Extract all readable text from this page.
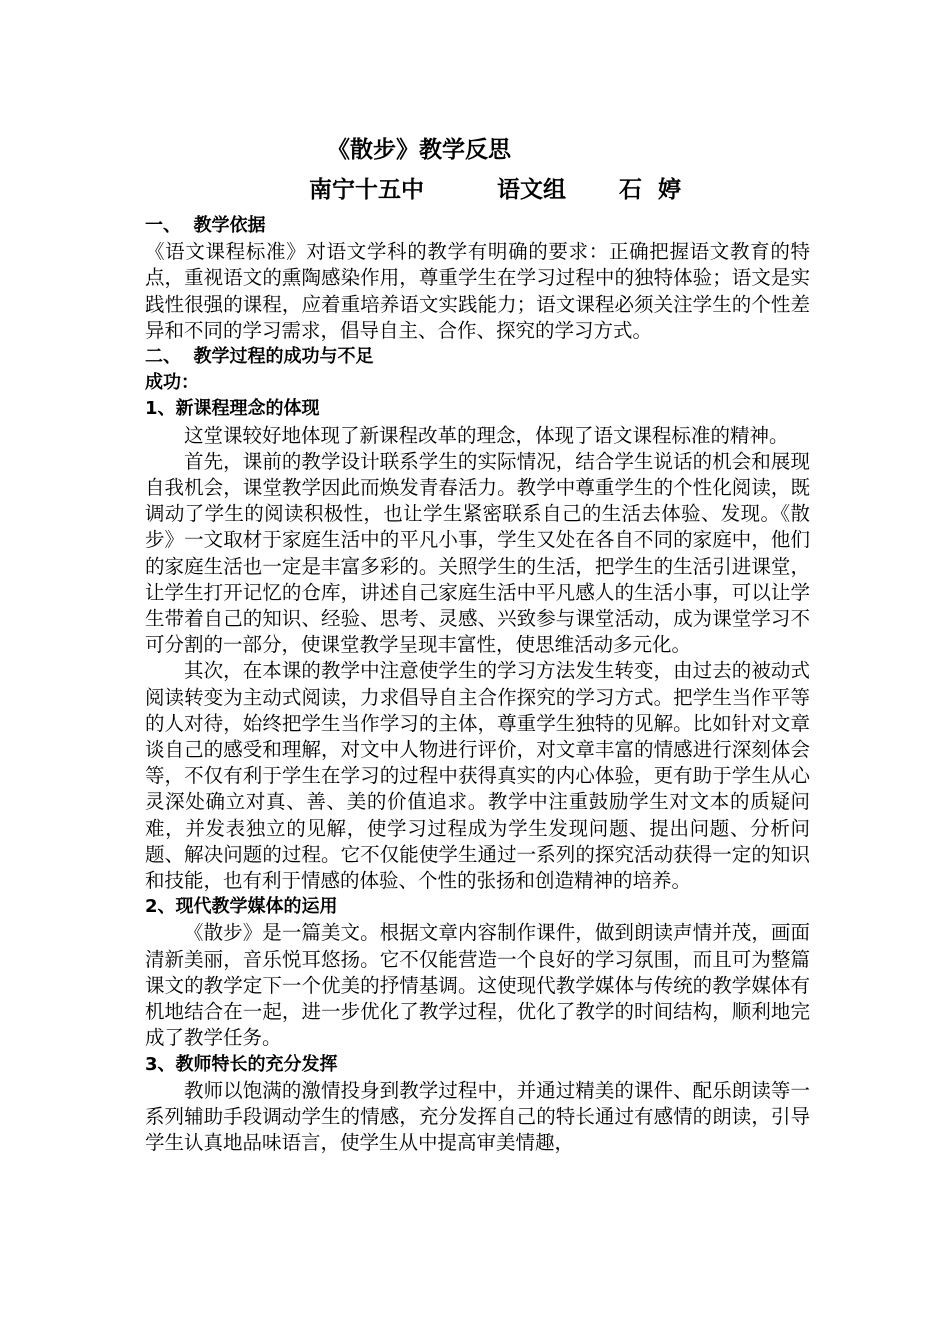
《散步》教学反思
南宁十五中	语文组 石  婷
一、  教学依据

《语文课程标准》对语文学科的教学有明确的要求：正确把握语文教育的特点，重视语文的熏陶感染作用，尊重学生在学习过程中的独特体验；语文是实践性很强的课程，应着重培养语文实践能力；语文课程必须关注学生的个性差异和不同的学习需求，倡导自主、合作、探究的学习方式。

二、  教学过程的成功与不足
成功：
1、新课程理念的体现

这堂课较好地体现了新课程改革的理念，体现了语文课程标准的精神。

首先，课前的教学设计联系学生的实际情况，结合学生说话的机会和展现自我机会，课堂教学因此而焕发青春活力。教学中尊重学生的个性化阅读，既调动了学生的阅读积极性，也让学生紧密联系自己的生活去体验、发现。《散步》一文取材于家庭生活中的平凡小事，学生又处在各自不同的家庭中，他们的家庭生活也一定是丰富多彩的。关照学生的生活，把学生的生活引进课堂，让学生打开记忆的仓库，讲述自己家庭生活中平凡感人的生活小事，可以让学生带着自己的知识、经验、思考、灵感、兴致参与课堂活动，成为课堂学习不可分割的一部分，使课堂教学呈现丰富性，使思维活动多元化。

其次，在本课的教学中注意使学生的学习方法发生转变，由过去的被动式阅读转变为主动式阅读，力求倡导自主合作探究的学习方式。把学生当作平等的人对待，始终把学生当作学习的主体，尊重学生独特的见解。比如针对文章谈自己的感受和理解，对文中人物进行评价，对文章丰富的情感进行深刻体会等，不仅有利于学生在学习的过程中获得真实的内心体验，更有助于学生从心灵深处确立对真、善、美的价值追求。教学中注重鼓励学生对文本的质疑问难，并发表独立的见解，使学习过程成为学生发现问题、提出问题、分析问题、解决问题的过程。它不仅能使学生通过一系列的探究活动获得一定的知识和技能，也有利于情感的体验、个性的张扬和创造精神的培养。

2、现代教学媒体的运用

《散步》是一篇美文。根据文章内容制作课件，做到朗读声情并茂，画面清新美丽，音乐悦耳悠扬。它不仅能营造一个良好的学习氛围，而且可为整篇课文的教学定下一个优美的抒情基调。这使现代教学媒体与传统的教学媒体有机地结合在一起，进一步优化了教学过程，优化了教学的时间结构，顺利地完成了教学任务。

3、教师特长的充分发挥

教师以饱满的激情投身到教学过程中，并通过精美的课件、配乐朗读等一系列辅助手段调动学生的情感，充分发挥自己的特长通过有感情的朗读，引导学生认真地品味语言，使学生从中提高审美情趣，
